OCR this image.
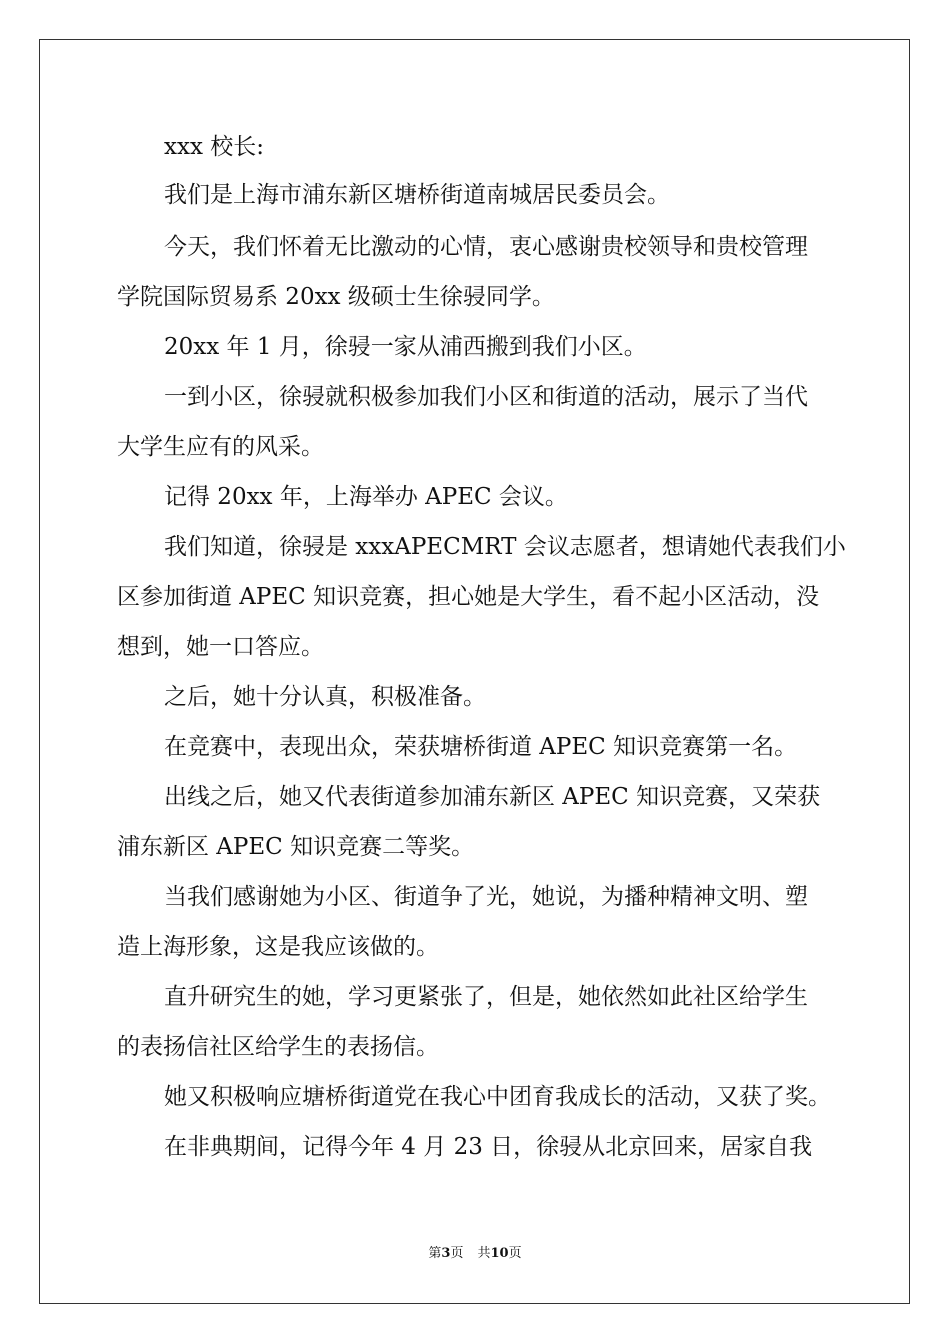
xxx 校长:
我们是上海市浦东新区塘桥街道南城居民委员会。
今天，我们怀着无比激动的心情，衷心感谢贵校领导和贵校管理
学院国际贸易系 20xx 级硕士生徐骎同学。
20xx 年 1 月，徐骎一家从浦西搬到我们小区。
一到小区，徐骎就积极参加我们小区和街道的活动，展示了当代
大学生应有的风采。
记得 20xx 年，上海举办 APEC 会议。
我们知道，徐骎是 xxxAPECMRT 会议志愿者，想请她代表我们小
区参加街道 APEC 知识竞赛，担心她是大学生，看不起小区活动，没
想到，她一口答应。
之后，她十分认真，积极准备。
在竞赛中，表现出众，荣获塘桥街道 APEC 知识竞赛第一名。
出线之后，她又代表街道参加浦东新区 APEC 知识竞赛，又荣获
浦东新区 APEC 知识竞赛二等奖。
当我们感谢她为小区、街道争了光，她说，为播种精神文明、塑
造上海形象，这是我应该做的。
直升研究生的她，学习更紧张了，但是，她依然如此社区给学生
的表扬信社区给学生的表扬信。
她又积极响应塘桥街道党在我心中团育我成长的活动，又获了奖。
在非典期间，记得今年 4 月 23 日，徐骎从北京回来，居家自我
第3页 共10页
